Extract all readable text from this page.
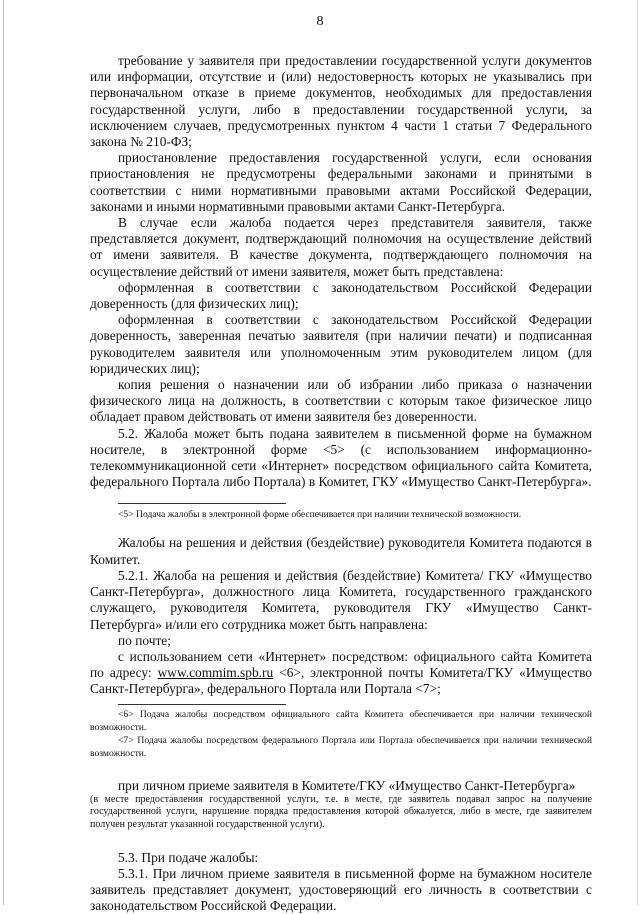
8

требование у заявителя при предоставлении государственной услуги документов или информации, отсутствие и (или) недостоверность которых не указывались при первоначальном отказе в приеме документов, необходимых для предоставления государственной услуги, либо в предоставлении государственной услуги, за исключением случаев, предусмотренных пунктом 4 части 1 статьи 7 Федерального закона № 210-ФЗ;

приостановление предоставления государственной услуги, если основания приостановления не предусмотрены федеральными законами и принятыми в соответствии с ними нормативными правовыми актами Российской Федерации, законами и иными нормативными правовыми актами Санкт-Петербурга.

В случае если жалоба подается через представителя заявителя, также представляется документ, подтверждающий полномочия на осуществление действий от имени заявителя. В качестве документа, подтверждающего полномочия на осуществление действий от имени заявителя, может быть представлена:

оформленная в соответствии с законодательством Российской Федерации доверенность (для физических лиц);

оформленная в соответствии с законодательством Российской Федерации доверенность, заверенная печатью заявителя (при наличии печати) и подписанная руководителем заявителя или уполномоченным этим руководителем лицом (для юридических лиц);

копия решения о назначении или об избрании либо приказа о назначении физического лица на должность, в соответствии с которым такое физическое лицо обладает правом действовать от имени заявителя без доверенности.

5.2. Жалоба может быть подана заявителем в письменной форме на бумажном носителе, в электронной форме <5> (с использованием информационно-телекоммуникационной сети «Интернет» посредством официального сайта Комитета, федерального Портала либо Портала) в Комитет, ГКУ «Имущество Санкт-Петербурга».

<5> Подача жалобы в электронной форме обеспечивается при наличии технической возможности.

Жалобы на решения и действия (бездействие) руководителя Комитета подаются в Комитет.

5.2.1. Жалоба на решения и действия (бездействие) Комитета/ ГКУ «Имущество Санкт-Петербурга», должностного лица Комитета, государственного гражданского служащего, руководителя Комитета, руководителя ГКУ «Имущество Санкт-Петербурга» и/или его сотрудника может быть направлена:

по почте;

с использованием сети «Интернет» посредством: официального сайта Комитета по адресу: www.commim.spb.ru <6>, электронной почты Комитета/ГКУ «Имущество Санкт-Петербурга», федерального Портала или Портала <7>;

<6> Подача жалобы посредством официального сайта Комитета обеспечивается при наличии технической возможности.

<7> Подача жалобы посредством федерального Портала или Портала обеспечивается при наличии технической возможности.

при личном приеме заявителя в Комитете/ГКУ «Имущество Санкт-Петербурга»

(в месте предоставления государственной услуги, т.е. в месте, где заявитель подавал запрос на получение государственной услуги, нарушение порядка предоставления которой обжалуется, либо в месте, где заявителем получен результат указанной государственной услуги).

5.3. При подаче жалобы:

5.3.1. При личном приеме заявителя в письменной форме на бумажном носителе заявитель представляет документ, удостоверяющий его личность в соответствии с законодательством Российской Федерации.
